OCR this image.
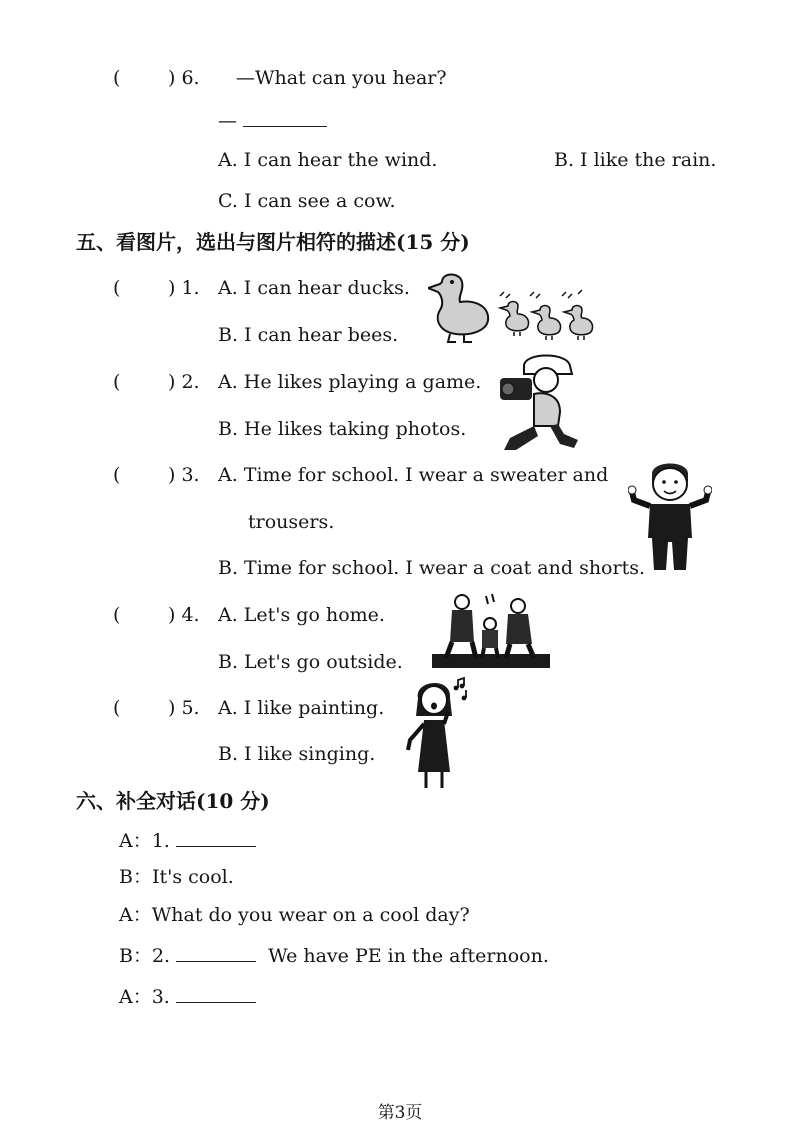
(	) 6. —What can you hear?
—
A. I can hear the wind.	B. I like the rain.
C. I can see a cow.
五、看图片，选出与图片相符的描述(15 分)
(	) 1. A. I can hear ducks.
B. I can hear bees.
(	) 2. A. He likes playing a game.
B. He likes taking photos.
(	) 3. A. Time for school. I wear a sweater and
trousers.
B. Time for school. I wear a coat and shorts.
(	) 4. A. Let's go home.
B. Let's go outside.
(	) 5. A. I like painting.
B. I like singing.
六、补全对话(10 分)
A：1.
B：It's cool.
A：What do you wear on a cool day?
B：2.	We have PE in the afternoon.
A：3.
第3页
